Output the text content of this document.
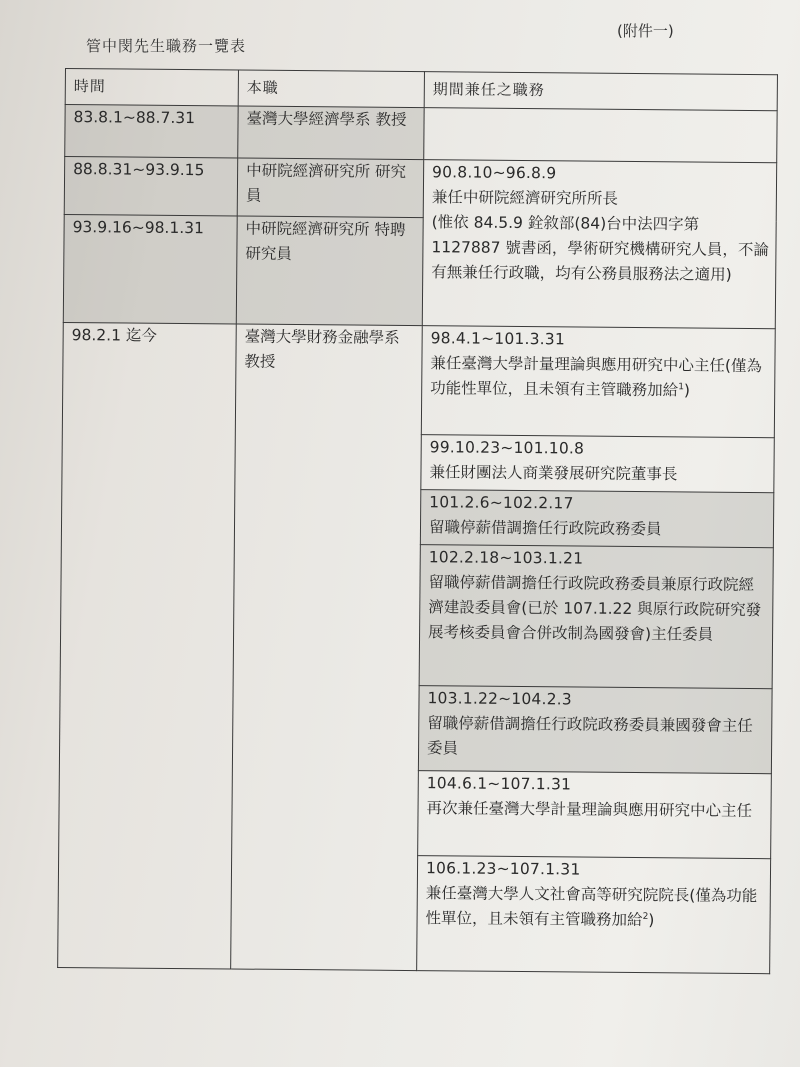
(附件一)
管中閔先生職務一覽表
時間	本職	期間兼任之職務
83.8.1~88.7.31	臺灣大學經濟學系 教授	
88.8.31~93.9.15	中研院經濟研究所 研究員	90.8.10~96.8.9
兼任中研院經濟研究所所長
(惟依 84.5.9 銓敘部(84)台中法四字第 1127887 號書函，學術研究機構研究人員，不論有無兼任行政職，均有公務員服務法之適用)

93.9.16~98.1.31	中研院經濟研究所 特聘研究員	
98.2.1 迄今	臺灣大學財務金融學系 教授	98.4.1~101.3.31
兼任臺灣大學計量理論與應用研究中心主任(僅為功能性單位，且未領有主管職務加給$^1$)

		99.10.23~101.10.8
兼任財團法人商業發展研究院董事長

		101.2.6~102.2.17
留職停薪借調擔任行政院政務委員

		102.2.18~103.1.21
留職停薪借調擔任行政院政務委員兼原行政院經濟建設委員會(已於 107.1.22 與原行政院研究發展考核委員會合併改制為國發會)主任委員

		103.1.22~104.2.3
留職停薪借調擔任行政院政務委員兼國發會主任委員

		104.6.1~107.1.31
再次兼任臺灣大學計量理論與應用研究中心主任

		106.1.23~107.1.31
兼任臺灣大學人文社會高等研究院院長(僅為功能性單位，且未領有主管職務加給$^2$)
